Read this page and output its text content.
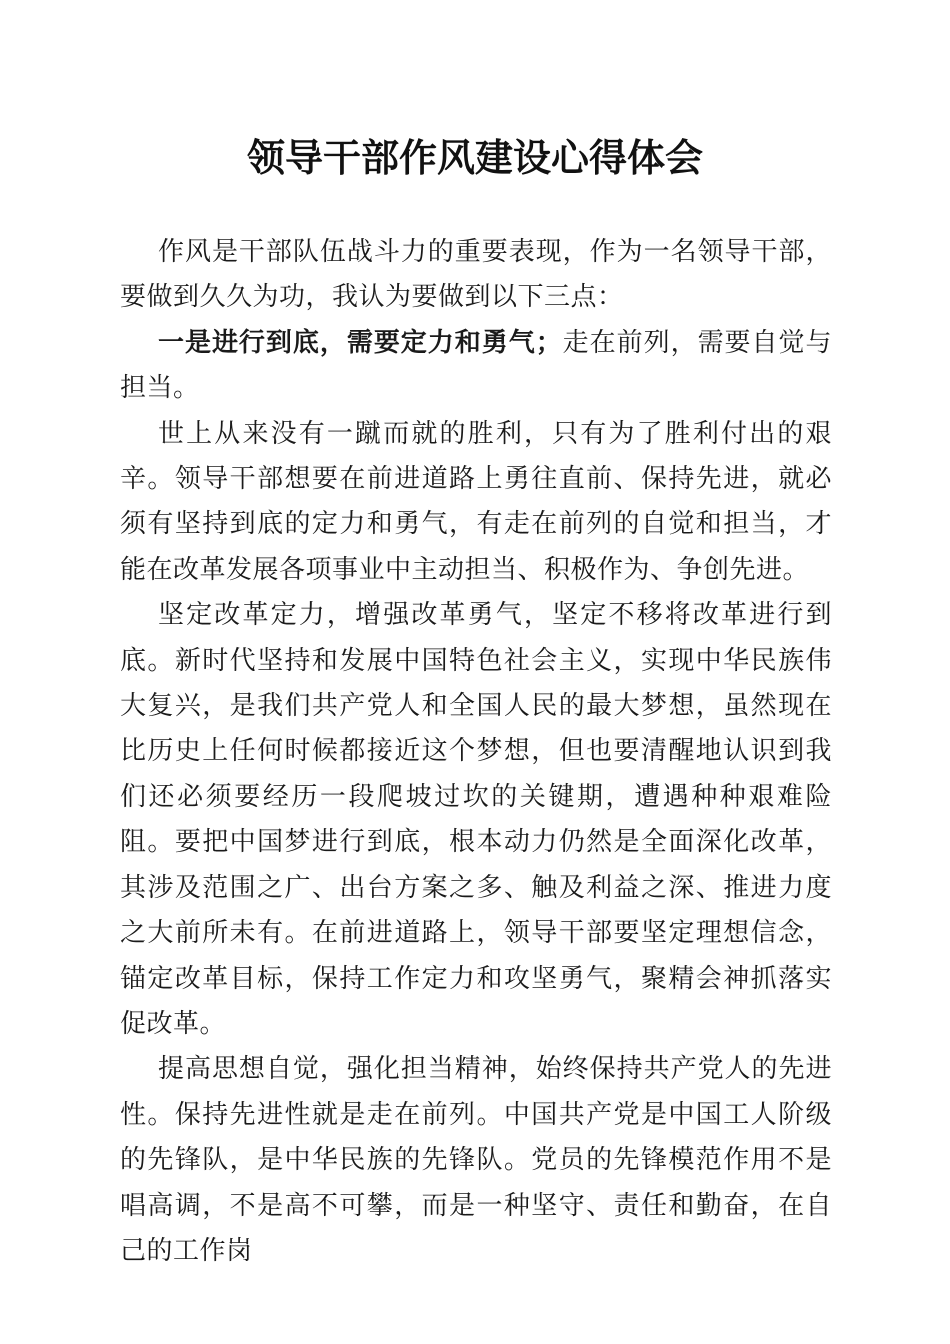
领导干部作风建设心得体会

作风是干部队伍战斗力的重要表现，作为一名领导干部，要做到久久为功，我认为要做到以下三点：

一是进行到底，需要定力和勇气；走在前列，需要自觉与担当。

世上从来没有一蹴而就的胜利，只有为了胜利付出的艰辛。领导干部想要在前进道路上勇往直前、保持先进，就必须有坚持到底的定力和勇气，有走在前列的自觉和担当，才能在改革发展各项事业中主动担当、积极作为、争创先进。

坚定改革定力，增强改革勇气，坚定不移将改革进行到底。新时代坚持和发展中国特色社会主义，实现中华民族伟大复兴，是我们共产党人和全国人民的最大梦想，虽然现在比历史上任何时候都接近这个梦想，但也要清醒地认识到我们还必须要经历一段爬坡过坎的关键期，遭遇种种艰难险阻。要把中国梦进行到底，根本动力仍然是全面深化改革，其涉及范围之广、出台方案之多、触及利益之深、推进力度之大前所未有。在前进道路上，领导干部要坚定理想信念，锚定改革目标，保持工作定力和攻坚勇气，聚精会神抓落实促改革。

提高思想自觉，强化担当精神，始终保持共产党人的先进性。保持先进性就是走在前列。中国共产党是中国工人阶级的先锋队，是中华民族的先锋队。党员的先锋模范作用不是唱高调，不是高不可攀，而是一种坚守、责任和勤奋，在自己的工作岗
